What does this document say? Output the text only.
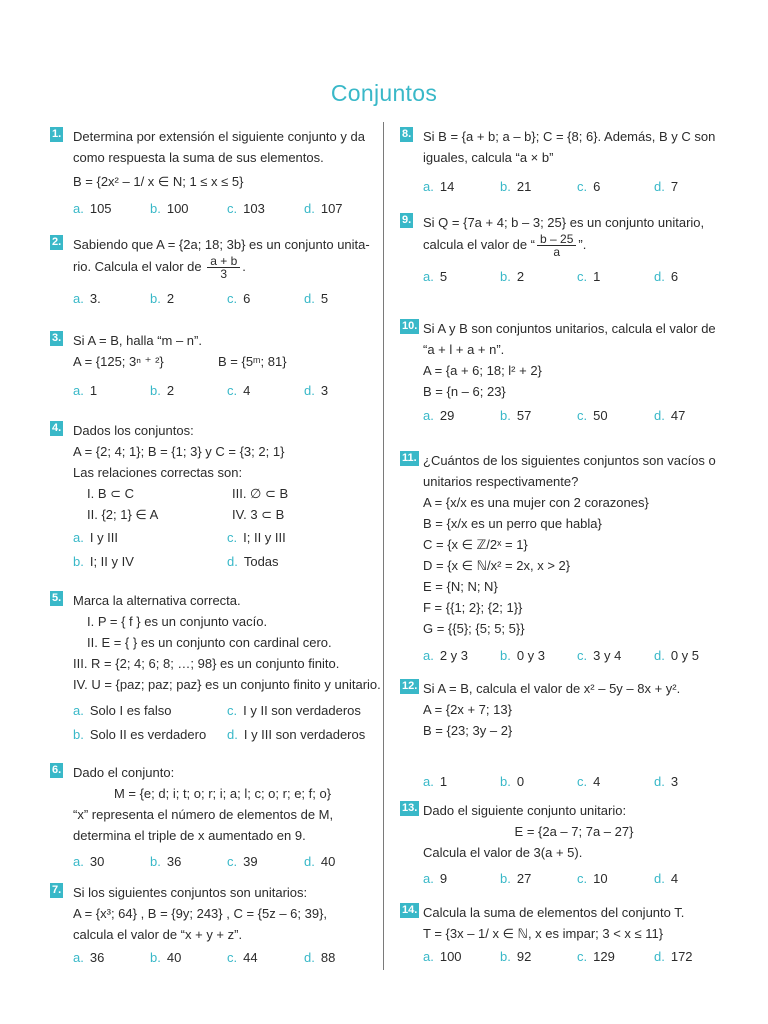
Conjuntos
1. Determina por extensión el siguiente conjunto y da
como respuesta la suma de sus elementos.
B = {2x² – 1/ x ∈ N; 1 ≤ x ≤ 5}
a. 105	b. 100	c. 103	d. 107
2. Sabiendo que A = {2a; 18; 3b} es un conjunto unita-
rio. Calcula el valor de $\frac{a + b}{3}$ .
a. 3.	b. 2	c. 6	d. 5
3. Si A = B, halla “m – n”.
A = {125; 3ⁿ ⁺ ²}	B = {5ᵐ; 81}
a. 1	b. 2	c. 4	d. 3
4. Dados los conjuntos:
A = {2; 4; 1}; B = {1; 3} y C = {3; 2; 1}
Las relaciones correctas son:
I. B ⊂ C	III. ∅ ⊂ B
II. {2; 1} ∈ A	IV. 3 ⊂ B
a. I y III	c. I; II y III
b. I; II y IV	d. Todas
5. Marca la alternativa correcta.
I. P = { f } es un conjunto vacío.
II. E = { } es un conjunto con cardinal cero.
III. R = {2; 4; 6; 8; …; 98} es un conjunto finito.
IV. U = {paz; paz; paz} es un conjunto finito y unitario.
a. Solo I es falso	c. I y II son verdaderos
b. Solo II es verdadero d. I y III son verdaderos
6. Dado el conjunto:
M = {e; d; i; t; o; r; i; a; l; c; o; r; e; f; o}
“x” representa el número de elementos de M,
determina el triple de x aumentado en 9.
a. 30	b. 36	c. 39	d. 40
7. Si los siguientes conjuntos son unitarios:
A = {x³; 64} , B = {9y; 243} , C = {5z – 6; 39},
calcula el valor de “x + y + z”.
a. 36	b. 40	c. 44	d. 88
8. Si B = {a + b; a – b}; C = {8; 6}. Además, B y C son
iguales, calcula “a × b”
a. 14	b. 21	c. 6	d. 7
9. Si Q = {7a + 4; b – 3; 25} es un conjunto unitario,
calcula el valor de “ $\frac{b - 25}{a}$ ”.
a. 5	b. 2	c. 1	d. 6
10. Si A y B son conjuntos unitarios, calcula el valor de
“a + l + a + n”.
A = {a + 6; 18; l² + 2}
B = {n – 6; 23}
a. 29	b. 57	c. 50	d. 47
11. ¿Cuántos de los siguientes conjuntos son vacíos o
unitarios respectivamente?
A = {x/x es una mujer con 2 corazones}
B = {x/x es un perro que habla}
C = {x ∈ ℤ/2ˣ = 1}
D = {x ∈ ℕ/x² = 2x, x > 2}
E = {N; N; N}
F = {{1; 2}; {2; 1}}
G = {{5}; {5; 5; 5}}
a. 2 y 3 b. 0 y 3 c. 3 y 4	d. 0 y 5
12. Si A = B, calcula el valor de x² – 5y – 8x + y².
A = {2x + 7; 13}
B = {23; 3y – 2}
a. 1	b. 0	c. 4	d. 3
13. Dado el siguiente conjunto unitario:
E = {2a – 7; 7a – 27}
Calcula el valor de 3(a + 5).
a. 9	b. 27	c. 10	d. 4
14. Calcula la suma de elementos del conjunto T.
T = {3x – 1/ x ∈ ℕ, x es impar; 3 < x ≤ 11}
a. 100	b. 92	c. 129	d. 172
